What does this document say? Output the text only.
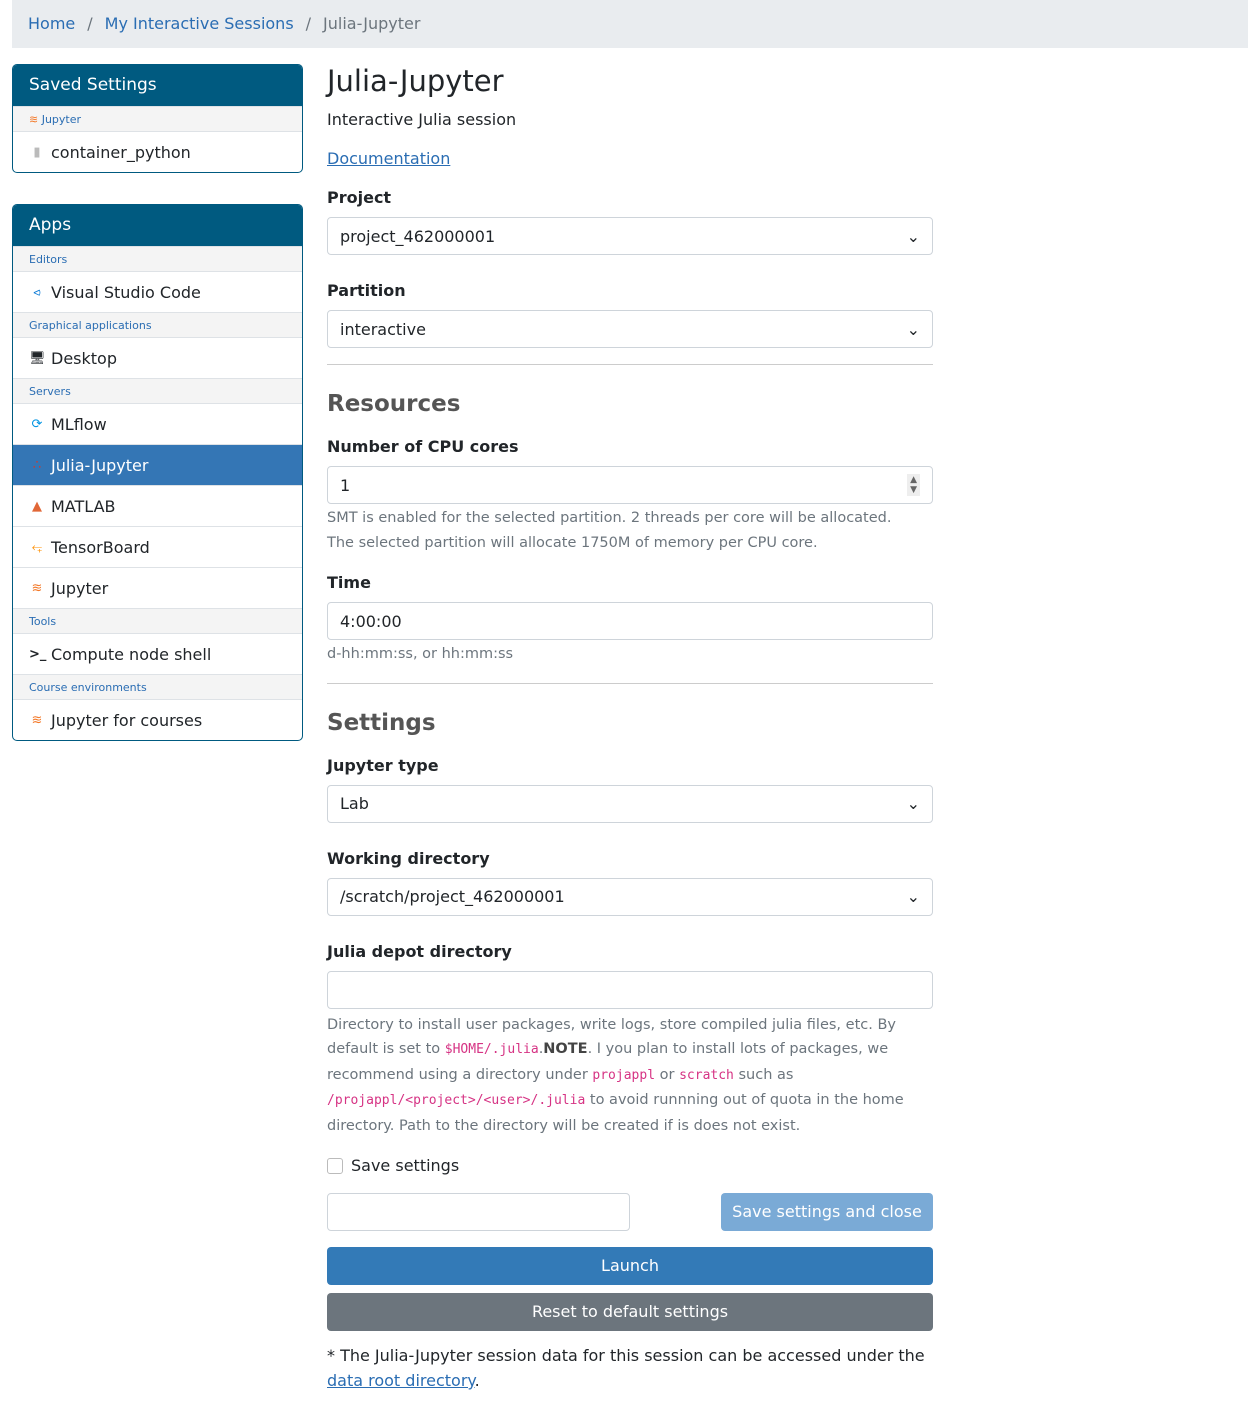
Home / My Interactive Sessions / Julia-Jupyter
Saved Settings
≋ Jupyter
▮ container_python
Apps
Editors
⪦ Visual Studio Code
Graphical applications
🖥 Desktop
Servers
⟳ MLflow
∴ Julia-Jupyter
▲ MATLAB
⥆ TensorBoard
≋ Jupyter
Tools
>_ Compute node shell
Course environments
≋ Jupyter for courses
Julia-Jupyter
Interactive Julia session
Documentation
Project
project_462000001	⌄
Partition
interactive	⌄
Resources
Number of CPU cores
1	▲
▼
SMT is enabled for the selected partition. 2 threads per core will be allocated.
The selected partition will allocate 1750M of memory per CPU core.
Time
4:00:00
d-hh:mm:ss, or hh:mm:ss
Settings
Jupyter type
Lab	⌄
Working directory
/scratch/project_462000001	⌄
Julia depot directory
Directory to install user packages, write logs, store compiled julia files, etc. By default is set to $HOME/.julia.NOTE. I you plan to install lots of packages, we recommend using a directory under projappl or scratch such as /projappl/<project>/<user>/.julia to avoid runnning out of quota in the home directory. Path to the directory will be created if is does not exist.
Save settings
Save settings and close
Launch
Reset to default settings
* The Julia-Jupyter session data for this session can be accessed under the data root directory.
